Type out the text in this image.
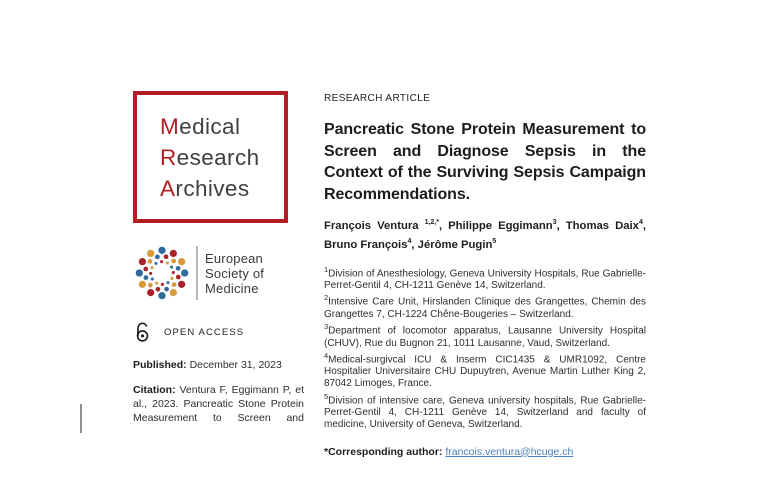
Medical
Research
Archives
European
Society of
Medicine
OPEN ACCESS

Published: December 31, 2023

Citation: Ventura F, Eggimann P, et al., 2023. Pancreatic Stone Protein Measurement to Screen and

RESEARCH ARTICLE
Pancreatic Stone Protein Measurement to Screen and Diagnose Sepsis in the Context of the Surviving Sepsis Campaign Recommendations.

François Ventura $^{1,2,*}$, Philippe Eggimann$^3$, Thomas Daix$^4$, Bruno François$^4$, Jérôme Pugin$^5$

$^1$Division of Anesthesiology, Geneva University Hospitals, Rue Gabrielle-Perret-Gentil 4, CH-1211 Genève 14, Switzerland.

$^2$Intensive Care Unit, Hirslanden Clinique des Grangettes, Chemin des Grangettes 7, CH-1224 Chêne-Bougeries – Switzerland.

$^3$Department of locomotor apparatus, Lausanne University Hospital (CHUV), Rue du Bugnon 21, 1011 Lausanne, Vaud, Switzerland.

$^4$Medical-surgivcal ICU & Inserm CIC1435 & UMR1092, Centre Hospitalier Universitaire CHU Dupuytren, Avenue Martin Luther King 2, 87042 Limoges, France.

$^5$Division of intensive care, Geneva university hospitals, Rue Gabrielle-Perret-Gentil 4, CH-1211 Genève 14, Switzerland and faculty of medicine, University of Geneva, Switzerland.

*Corresponding author: francois.ventura@hcuge.ch
